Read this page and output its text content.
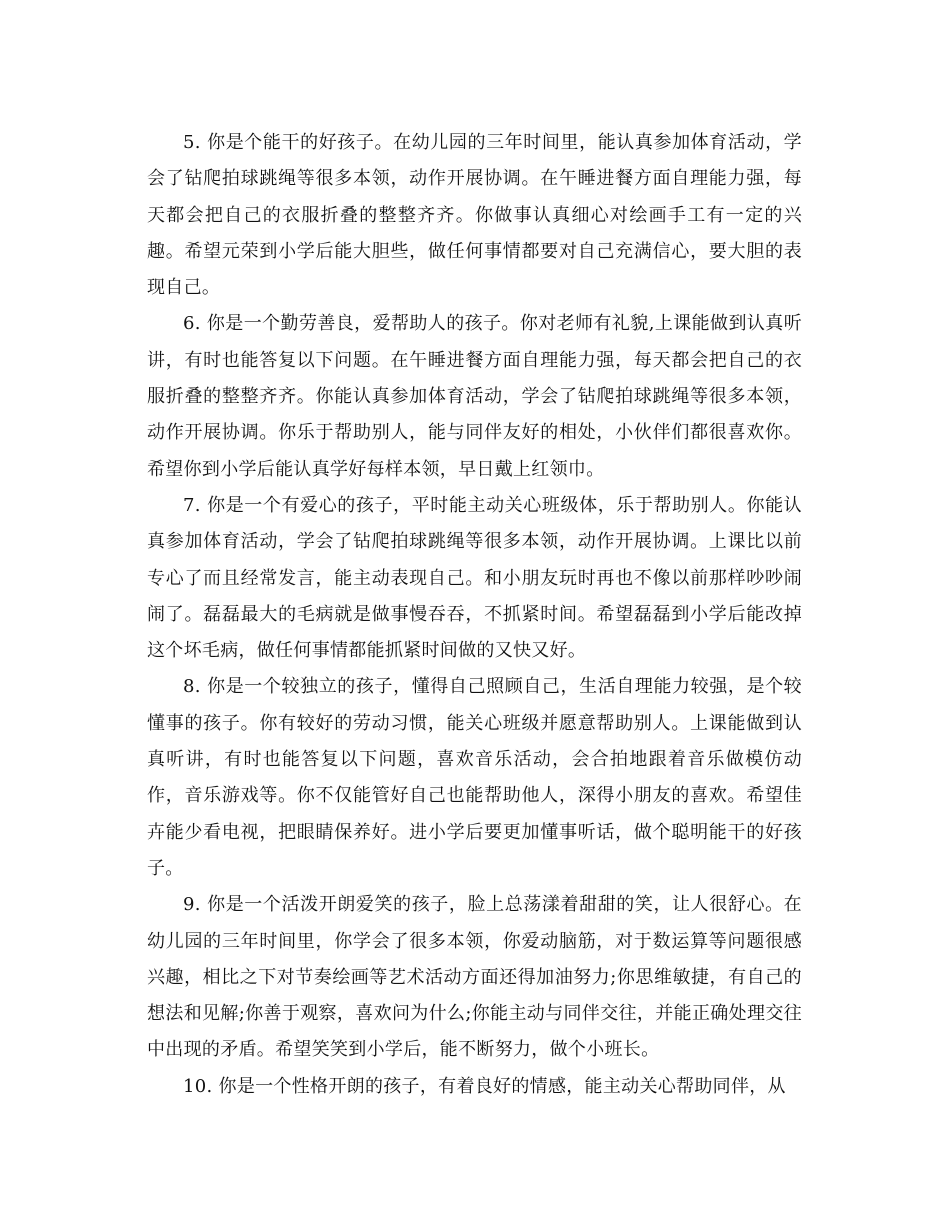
5. 你是个能干的好孩子。在幼儿园的三年时间里，能认真参加体育活动，学会了钻爬拍球跳绳等很多本领，动作开展协调。在午睡进餐方面自理能力强，每天都会把自己的衣服折叠的整整齐齐。你做事认真细心对绘画手工有一定的兴趣。希望元荣到小学后能大胆些，做任何事情都要对自己充满信心，要大胆的表现自己。

6. 你是一个勤劳善良，爱帮助人的孩子。你对老师有礼貌,上课能做到认真听讲，有时也能答复以下问题。在午睡进餐方面自理能力强，每天都会把自己的衣服折叠的整整齐齐。你能认真参加体育活动，学会了钻爬拍球跳绳等很多本领，动作开展协调。你乐于帮助别人，能与同伴友好的相处，小伙伴们都很喜欢你。希望你到小学后能认真学好每样本领，早日戴上红领巾。

7. 你是一个有爱心的孩子，平时能主动关心班级体，乐于帮助别人。你能认真参加体育活动，学会了钻爬拍球跳绳等很多本领，动作开展协调。上课比以前专心了而且经常发言，能主动表现自己。和小朋友玩时再也不像以前那样吵吵闹闹了。磊磊最大的毛病就是做事慢吞吞，不抓紧时间。希望磊磊到小学后能改掉这个坏毛病，做任何事情都能抓紧时间做的又快又好。

8. 你是一个较独立的孩子，懂得自己照顾自己，生活自理能力较强，是个较懂事的孩子。你有较好的劳动习惯，能关心班级并愿意帮助别人。上课能做到认真听讲，有时也能答复以下问题，喜欢音乐活动，会合拍地跟着音乐做模仿动作，音乐游戏等。你不仅能管好自己也能帮助他人，深得小朋友的喜欢。希望佳卉能少看电视，把眼睛保养好。进小学后要更加懂事听话，做个聪明能干的好孩子。

9. 你是一个活泼开朗爱笑的孩子，脸上总荡漾着甜甜的笑，让人很舒心。在幼儿园的三年时间里，你学会了很多本领，你爱动脑筋，对于数运算等问题很感兴趣，相比之下对节奏绘画等艺术活动方面还得加油努力;你思维敏捷，有自己的想法和见解;你善于观察，喜欢问为什么;你能主动与同伴交往，并能正确处理交往中出现的矛盾。希望笑笑到小学后，能不断努力，做个小班长。

10. 你是一个性格开朗的孩子，有着良好的情感，能主动关心帮助同伴，从
